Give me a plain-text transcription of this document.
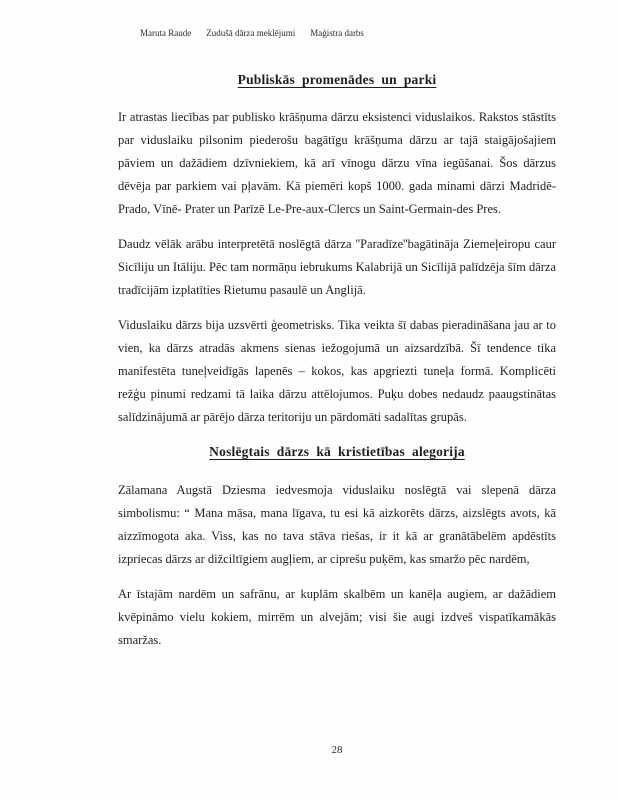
Maruta Raude Zudušā dārza meklējumi Maģistra darbs
Publiskās promenādes un parki

Ir atrastas liecības par publisko krāšņuma dārzu eksistenci viduslaikos. Rakstos stāstīts par viduslaiku pilsonim piederošu bagātīgu krāšņuma dārzu ar tajā staigājošajiem pāviem un dažādiem dzīvniekiem, kā arī vīnogu dārzu vīna iegūšanai. Šos dārzus dēvēja par parkiem vai pļavām. Kā piemēri kopš 1000. gada minami dārzi Madridē- Prado, Vīnē- Prater un Parīzē Le-Pre-aux-Clercs un Saint-Germain-des Pres.

Daudz vēlāk arābu interpretētā noslēgtā dārza ''Paradīze''bagātināja Ziemeļeiropu caur Sicīliju un Itāliju. Pēc tam normāņu iebrukums Kalabrijā un Sicīlijā palīdzēja šīm dārza tradīcijām izplatīties Rietumu pasaulē un Anglijā.

Viduslaiku dārzs bija uzsvērti ģeometrisks. Tika veikta šī dabas pieradināšana jau ar to vien, ka dārzs atradās akmens sienas iežogojumā un aizsardzībā. Šī tendence tika manifestēta tuneļveidīgās lapenēs – kokos, kas apgriezti tuneļa formā. Komplicēti režģu pinumi redzami tā laika dārzu attēlojumos. Puķu dobes nedaudz paaugstinātas salīdzinājumā ar pārējo dārza teritoriju un pārdomāti sadalītas grupās.

Noslēgtais dārzs kā kristietības alegorija

Zālamana Augstā Dziesma iedvesmoja viduslaiku noslēgtā vai slepenā dārza simbolismu: “ Mana māsa, mana līgava, tu esi kā aizkorēts dārzs, aizslēgts avots, kā aizzīmogota aka. Viss, kas no tava stāva riešas, ir it kā ar granātābelēm apdēstīts izpriecas dārzs ar dižciltīgiem augļiem, ar ciprešu puķēm, kas smaržo pēc nardēm,

Ar īstajām nardēm un safrānu, ar kuplām skalbēm un kanēļa augiem, ar dažādiem kvēpināmo vielu kokiem, mirrēm un alvejām; visi šie augi izdveš vispatīkamākās smaržas.

28
